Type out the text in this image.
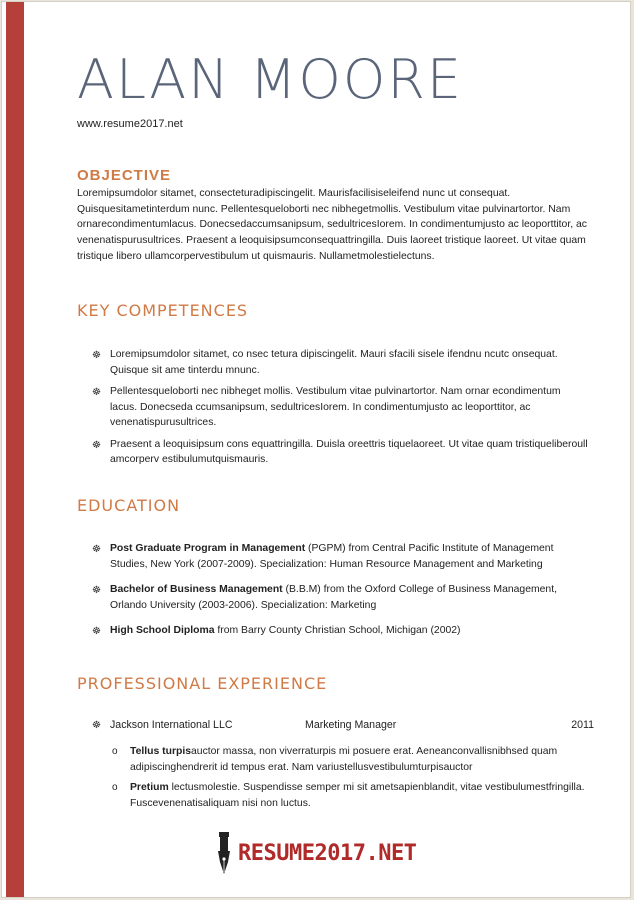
ALAN MOORE
www.resume2017.net
OBJECTIVE
Loremipsumdolor sitamet, consecteturadipiscingelit. Maurisfacilisiseleifend nunc ut consequat. Quisquesitametinterdum nunc. Pellentesqueloborti nec nibhegetmollis. Vestibulum vitae pulvinartortor. Nam ornarecondimentumlacus. Donecsedaccumsanipsum, sedultricesIorem. In condimentumjusto ac leoporttitor, ac venenatispurusultrices. Praesent a leoquisipsumconsequattringilla. Duis laoreet tristique laoreet. Ut vitae quam tristique libero ullamcorpervestibulum ut quismauris. Nullametmolestielectuns.
KEY COMPETENCES
☸ Loremipsumdolor sitamet, co nsec tetura dipiscingelit. Mauri sfacili sisele ifendnu ncutc onsequat. Quisque sit ame tinterdu mnunc.
☸ Pellentesqueloborti nec nibheget mollis. Vestibulum vitae pulvinartortor. Nam ornar econdimentum lacus. Donecseda ccumsanipsum, sedultricesIorem. In condimentumjusto ac leoporttitor, ac venenatispurusultrices.
☸ Praesent a leoquisipsum cons equattringilla. Duisla oreettris tiquelaoreet. Ut vitae quam tristiqueliberoull amcorperv estibulumutquismauris.
EDUCATION
☸ Post Graduate Program in Management (PGPM) from Central Pacific Institute of Management Studies, New York (2007-2009). Specialization: Human Resource Management and Marketing
☸ Bachelor of Business Management (B.B.M) from the Oxford College of Business Management, Orlando University (2003-2006). Specialization: Marketing
☸ High School Diploma from Barry County Christian School, Michigan (2002)
PROFESSIONAL EXPERIENCE
☸ Jackson International LLC	Marketing Manager	2011
o Tellus turpisauctor massa, non viverraturpis mi posuere erat. Aeneanconvallisnibhsed quam adipiscinghendrerit id tempus erat. Nam variustellusvestibulumturpisauctor
o Pretium lectusmolestie. Suspendisse semper mi sit ametsapienblandit, vitae vestibulumestfringilla. Fuscevenenatisaliquam nisi non luctus.
RESUME2017.NET
